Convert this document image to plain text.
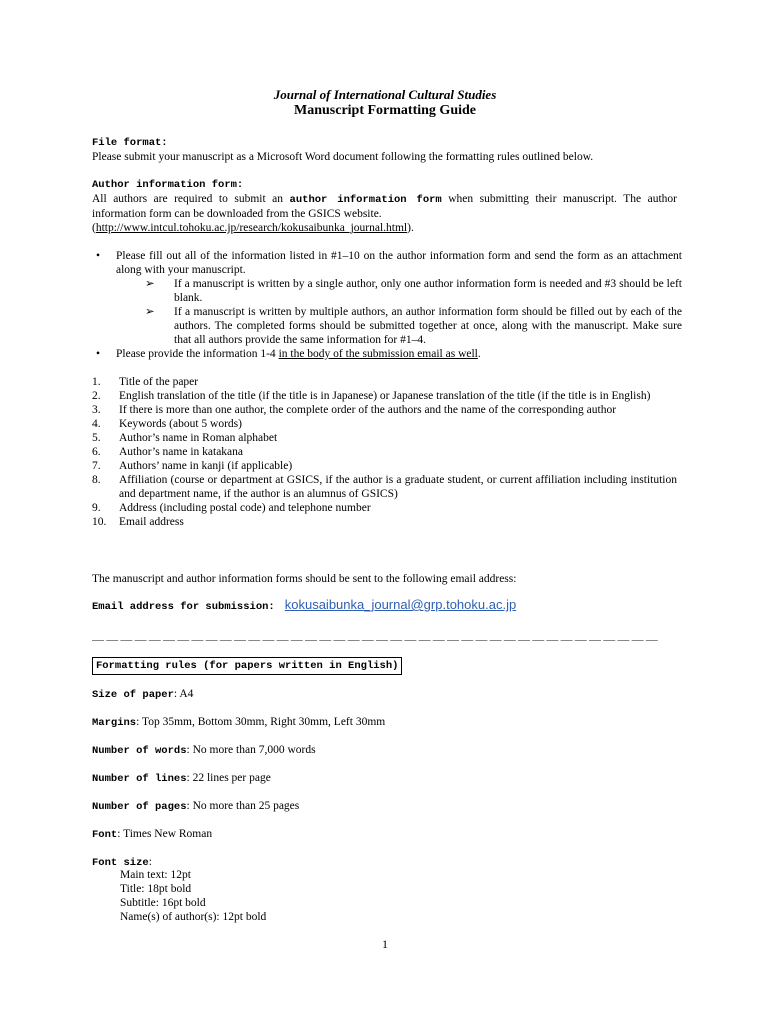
Journal of International Cultural Studies
Manuscript Formatting Guide
File format:
Please submit your manuscript as a Microsoft Word document following the formatting rules outlined below.
Author information form:
All authors are required to submit an author information form when submitting their manuscript. The author information form can be downloaded from the GSICS website.
(http://www.intcul.tohoku.ac.jp/research/kokusaibunka_journal.html).
• Please fill out all of the information listed in #1–10 on the author information form and send the form as an attachment along with your manuscript.
➢ If a manuscript is written by a single author, only one author information form is needed and #3 should be left blank.
➢ If a manuscript is written by multiple authors, an author information form should be filled out by each of the authors. The completed forms should be submitted together at once, along with the manuscript. Make sure that all authors provide the same information for #1–4.
• Please provide the information 1-4 in the body of the submission email as well.
1. Title of the paper
2. English translation of the title (if the title is in Japanese) or Japanese translation of the title (if the title is in English)
3. If there is more than one author, the complete order of the authors and the name of the corresponding author
4. Keywords (about 5 words)
5. Author’s name in Roman alphabet
6. Author’s name in katakana
7. Authors’ name in kanji (if applicable)
8. Affiliation (course or department at GSICS, if the author is a graduate student, or current affiliation including institution and department name, if the author is an alumnus of GSICS)
9. Address (including postal code) and telephone number
10. Email address
The manuscript and author information forms should be sent to the following email address:
Email address for submission: kokusaibunka_journal@grp.tohoku.ac.jp
＿＿＿＿＿＿＿＿＿＿＿＿＿＿＿＿＿＿＿＿＿＿＿＿＿＿＿＿＿＿＿＿＿＿＿＿＿＿＿＿
Formatting rules (for papers written in English)
Size of paper: A4
Margins: Top 35mm, Bottom 30mm, Right 30mm, Left 30mm
Number of words: No more than 7,000 words
Number of lines: 22 lines per page
Number of pages: No more than 25 pages
Font: Times New Roman
Font size:
Main text: 12pt
Title: 18pt bold
Subtitle: 16pt bold
Name(s) of author(s): 12pt bold
1
